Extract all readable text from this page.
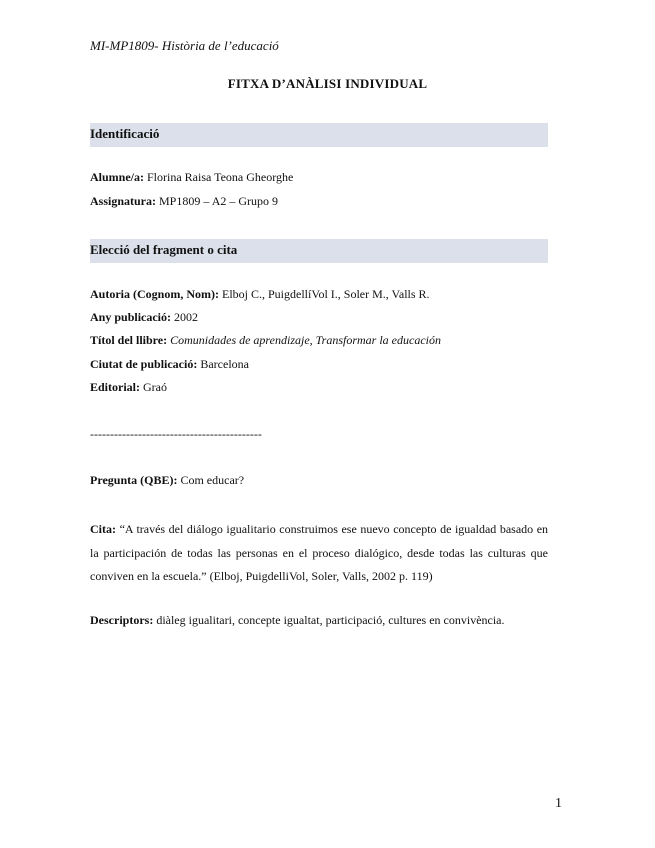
MI-MP1809- Història de l’educació
FITXA D’ANÀLISI INDIVIDUAL
Identificació
Alumne/a: Florina Raisa Teona Gheorghe
Assignatura: MP1809 – A2 – Grupo 9
Elecció del fragment o cita
Autoria (Cognom, Nom): Elboj C., PuigdellíVol I., Soler M., Valls R.
Any publicació: 2002
Títol del llibre: Comunidades de aprendizaje, Transformar la educación
Ciutat de publicació: Barcelona
Editorial: Graó
-------------------------------------------
Pregunta (QBE): Com educar?
Cita: “A través del diálogo igualitario construimos ese nuevo concepto de igualdad basado en la participación de todas las personas en el proceso dialógico, desde todas las culturas que conviven en la escuela.” (Elboj, PuigdelliVol, Soler, Valls, 2002 p. 119)
Descriptors: diàleg igualitari, concepte igualtat, participació, cultures en convivència.
1
